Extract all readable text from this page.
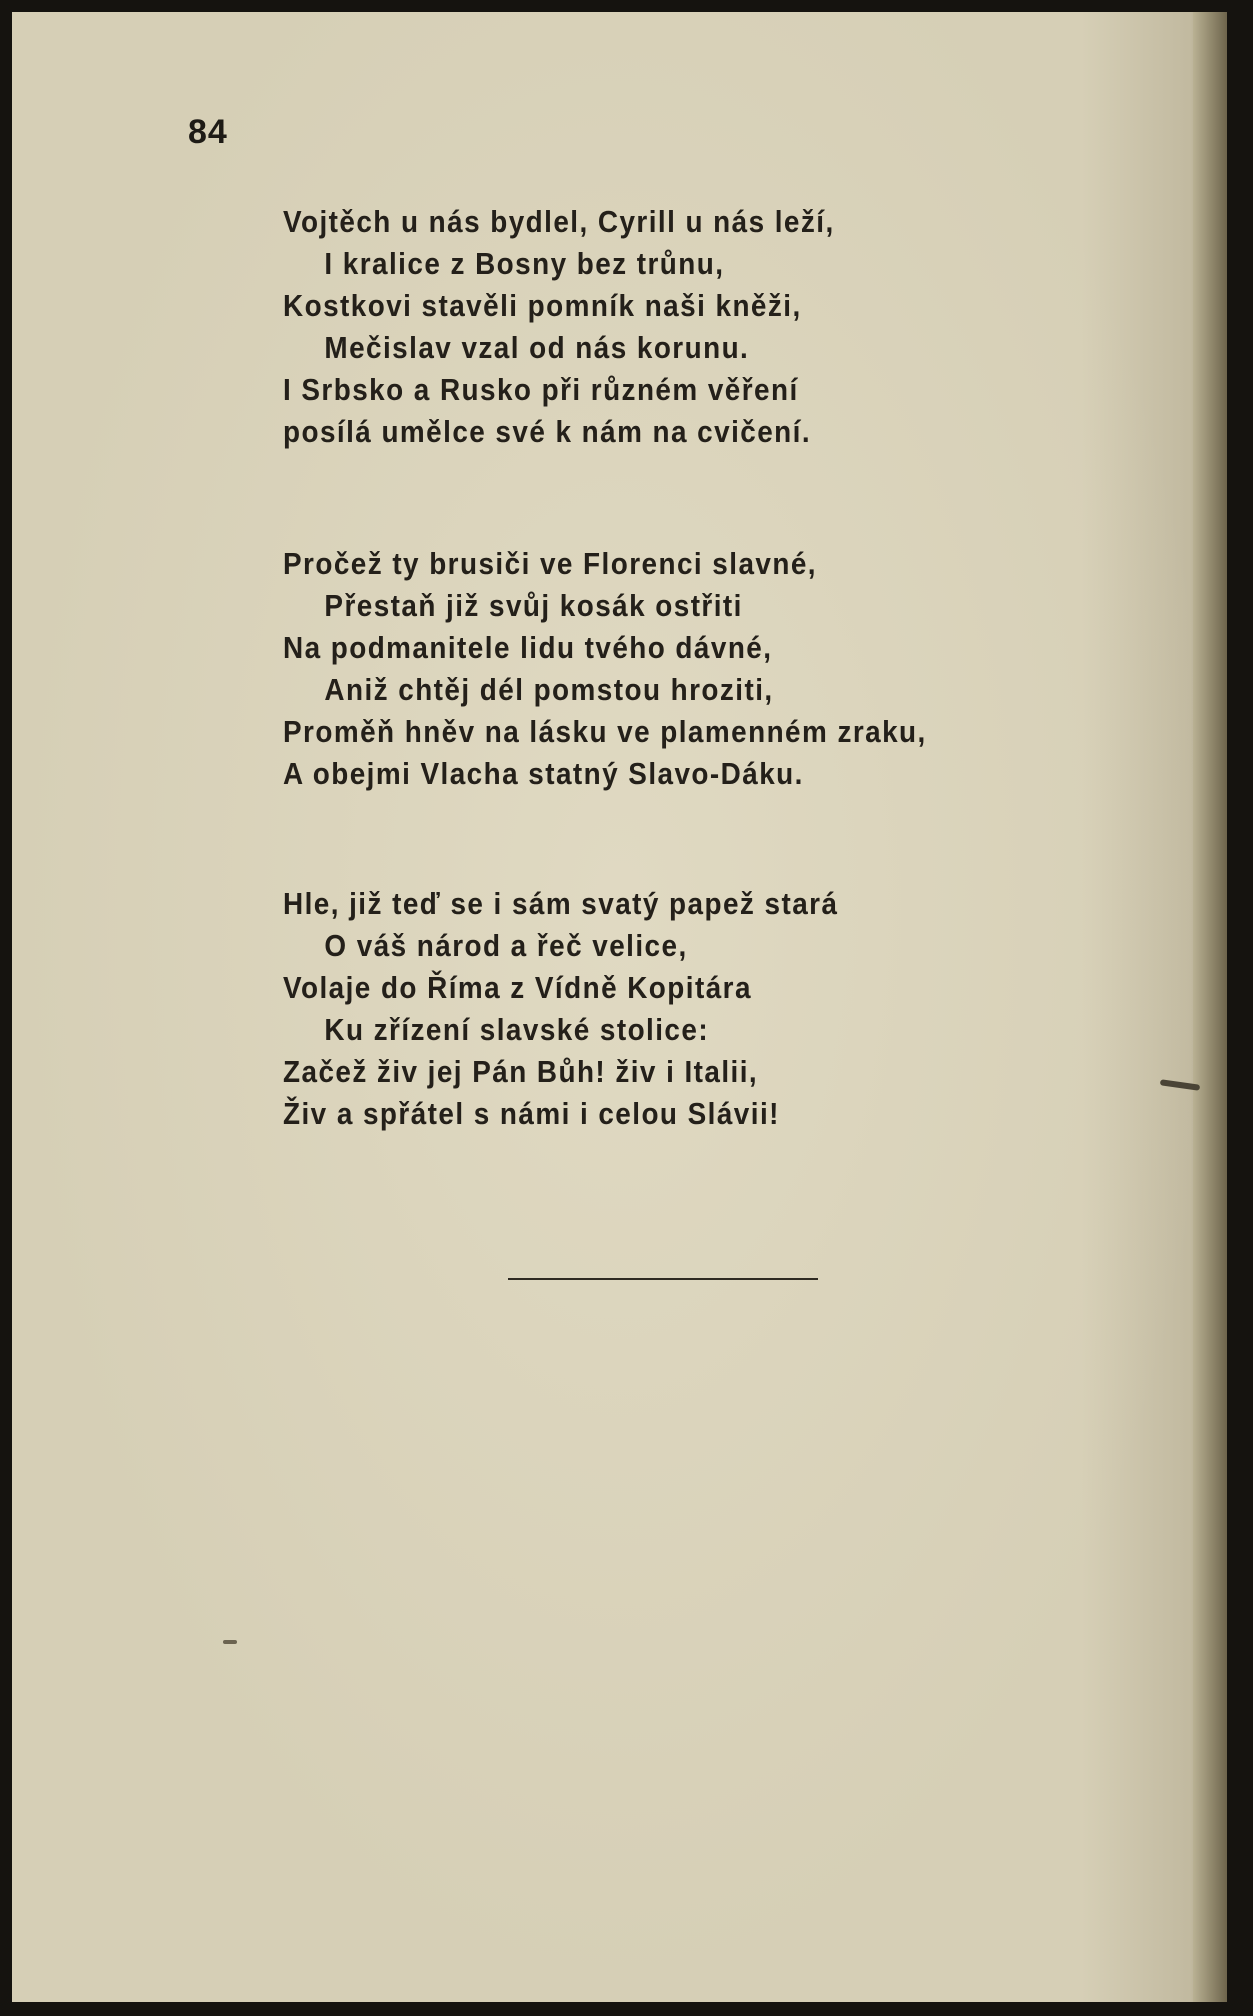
84
Vojtěch u nás bydlel, Cyrill u nás leží,
I kralice z Bosny bez trůnu,
Kostkovi stavěli pomník naši kněži,
Mečislav vzal od nás korunu.
I Srbsko a Rusko při různém věření
posílá umělce své k nám na cvičení.
Pročež ty brusiči ve Florenci slavné,
Přestaň již svůj kosák ostřiti
Na podmanitele lidu tvého dávné,
Aniž chtěj dél pomstou hroziti,
Proměň hněv na lásku ve plamenném zraku,
A obejmi Vlacha statný Slavo-Dáku.
Hle, již teď se i sám svatý papež stará
O váš národ a řeč velice,
Volaje do Říma z Vídně Kopitára
Ku zřízení slavské stolice:
Začež živ jej Pán Bůh! živ i Italii,
Živ a spřátel s námi i celou Slávii!
